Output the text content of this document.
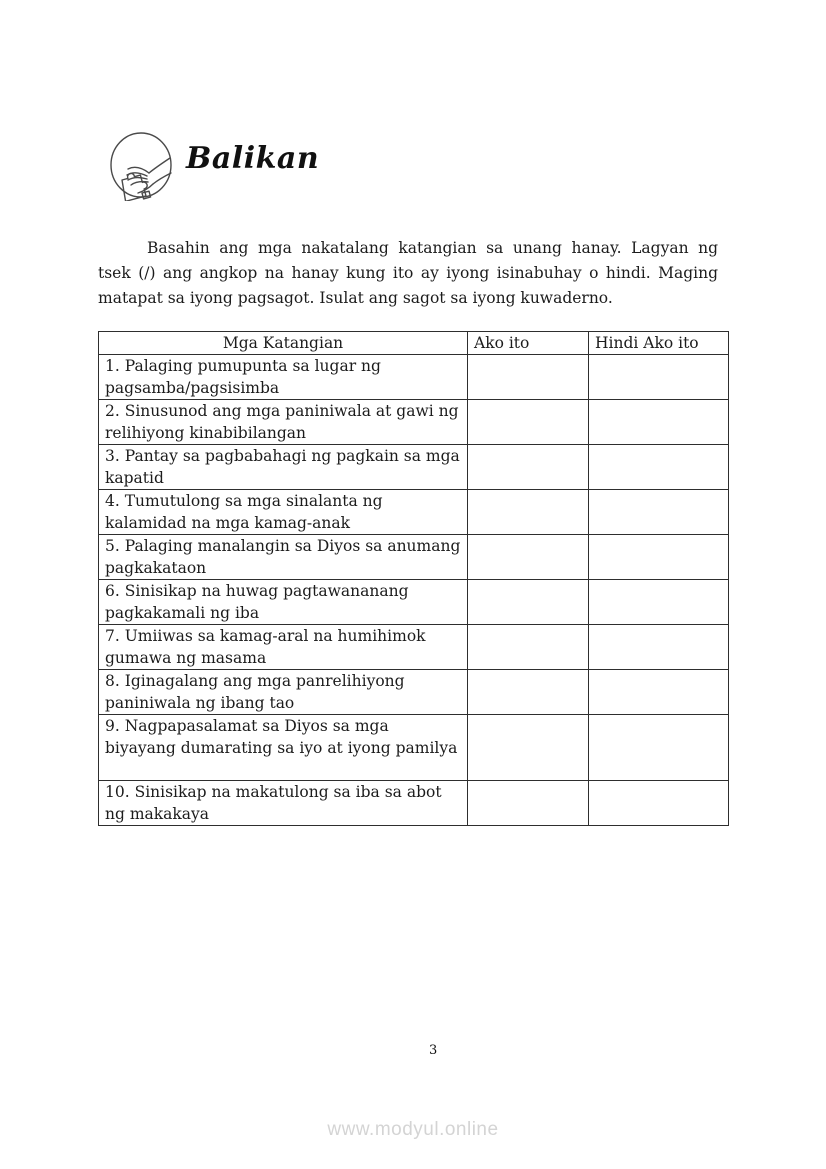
Balikan
Basahin ang mga nakatalang katangian sa unang hanay. Lagyan ng
tsek (/) ang angkop na hanay kung ito ay iyong isinabuhay o hindi. Maging
matapat sa iyong pagsagot. Isulat ang sagot sa iyong kuwaderno.
Mga Katangian	Ako ito	Hindi Ako ito
1. Palaging pumupunta sa lugar ng pagsamba/pagsisimba		
2. Sinusunod ang mga paniniwala at gawi ng relihiyong kinabibilangan		
3. Pantay sa pagbabahagi ng pagkain sa mga kapatid		
4. Tumutulong sa mga sinalanta ng kalamidad na mga kamag-anak		
5. Palaging manalangin sa Diyos sa anumang pagkakataon		
6. Sinisikap na huwag pagtawananang pagkakamali ng iba		
7. Umiiwas sa kamag-aral na humihimok gumawa ng masama		
8. Iginagalang ang mga panrelihiyong paniniwala ng ibang tao		
9. Nagpapasalamat sa Diyos sa mga biyayang dumarating sa iyo at iyong pamilya		
10. Sinisikap na makatulong sa iba sa abot ng makakaya		
3
www.modyul.online
